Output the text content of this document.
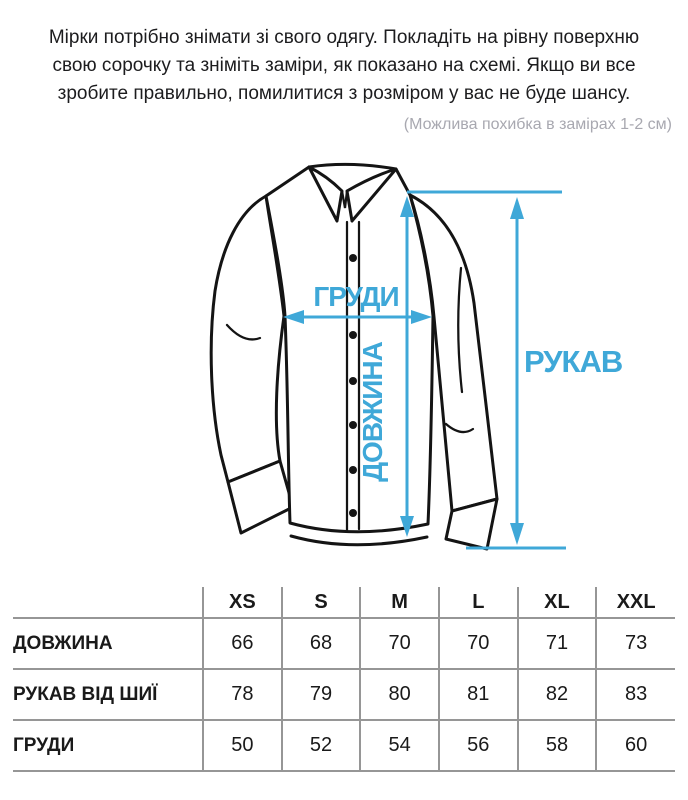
Мірки потрібно знімати зі свого одягу. Покладіть на рівну поверхню свою сорочку та зніміть заміри, як показано на схемі. Якщо ви все зробите правильно, помилитися з розміром у вас не буде шансу.
(Можлива похибка в замірах 1-2 см)
ГРУДИ
ДОВЖИНА	РУКАВ
	XS	S	M	L	XL	XXL
ДОВЖИНА	66	68	70	70	71	73
РУКАВ ВІД ШИЇ	78	79	80	81	82	83
ГРУДИ	50	52	54	56	58	60
